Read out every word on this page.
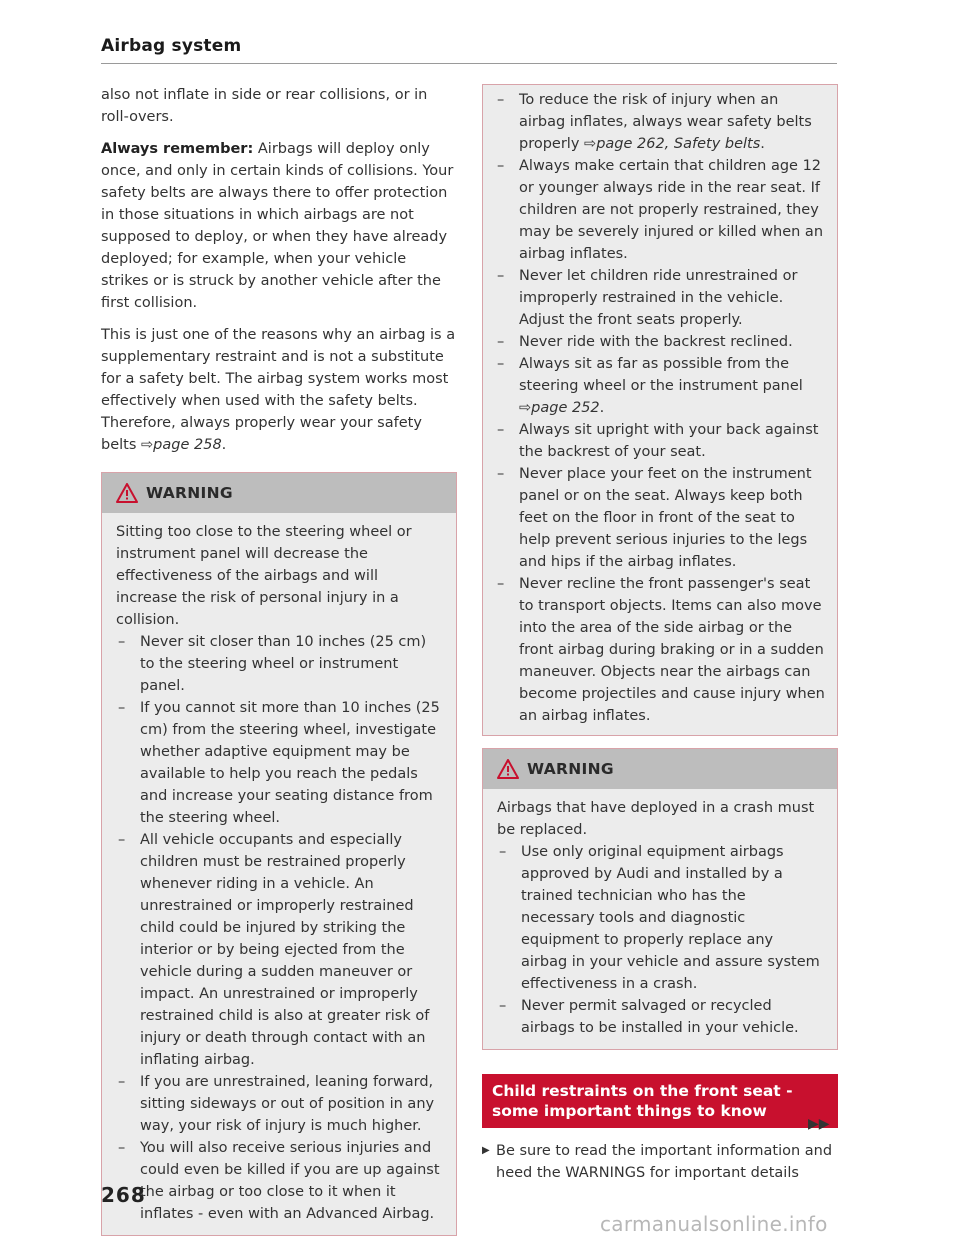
Airbag system

also not inflate in side or rear collisions, or in roll-overs.

Always remember: Airbags will deploy only once, and only in certain kinds of collisions. Your safety belts are always there to offer protection in those situations in which airbags are not supposed to deploy, or when they have already deployed; for example, when your vehicle strikes or is struck by another vehicle after the first collision.

This is just one of the reasons why an airbag is a supplementary restraint and is not a substitute for a safety belt. The airbag system works most effectively when used with the safety belts. Therefore, always properly wear your safety belts ⇨page 258.

WARNING

Sitting too close to the steering wheel or instrument panel will decrease the effectiveness of the airbags and will increase the risk of personal injury in a collision.

– Never sit closer than 10 inches (25 cm) to the steering wheel or instrument panel.
– If you cannot sit more than 10 inches (25 cm) from the steering wheel, investigate whether adaptive equipment may be available to help you reach the pedals and increase your seating distance from the steering wheel.
– All vehicle occupants and especially children must be restrained properly whenever riding in a vehicle. An unrestrained or improperly restrained child could be injured by striking the interior or by being ejected from the vehicle during a sudden maneuver or impact. An unrestrained or improperly restrained child is also at greater risk of injury or death through contact with an inflating airbag.
– If you are unrestrained, leaning forward, sitting sideways or out of position in any way, your risk of injury is much higher.
– You will also receive serious injuries and could even be killed if you are up against the airbag or too close to it when it inflates - even with an Advanced Airbag.
– To reduce the risk of injury when an airbag inflates, always wear safety belts properly ⇨page 262, Safety belts.
– Always make certain that children age 12 or younger always ride in the rear seat. If children are not properly restrained, they may be severely injured or killed when an airbag inflates.
– Never let children ride unrestrained or improperly restrained in the vehicle. Adjust the front seats properly.
– Never ride with the backrest reclined.
– Always sit as far as possible from the steering wheel or the instrument panel ⇨page 252.
– Always sit upright with your back against the backrest of your seat.
– Never place your feet on the instrument panel or on the seat. Always keep both feet on the floor in front of the seat to help prevent serious injuries to the legs and hips if the airbag inflates.
– Never recline the front passenger's seat to transport objects. Items can also move into the area of the side airbag or the front airbag during braking or in a sudden maneuver. Objects near the airbags can become projectiles and cause injury when an airbag inflates.
WARNING

Airbags that have deployed in a crash must be replaced.

– Use only original equipment airbags approved by Audi and installed by a trained technician who has the necessary tools and diagnostic equipment to properly replace any airbag in your vehicle and assure system effectiveness in a crash.
– Never permit salvaged or recycled airbags to be installed in your vehicle.
Child restraints on the front seat - some important things to know
▶ Be sure to read the important information and heed the WARNINGS for important details
▶▶
268
carmanualsonline.info
